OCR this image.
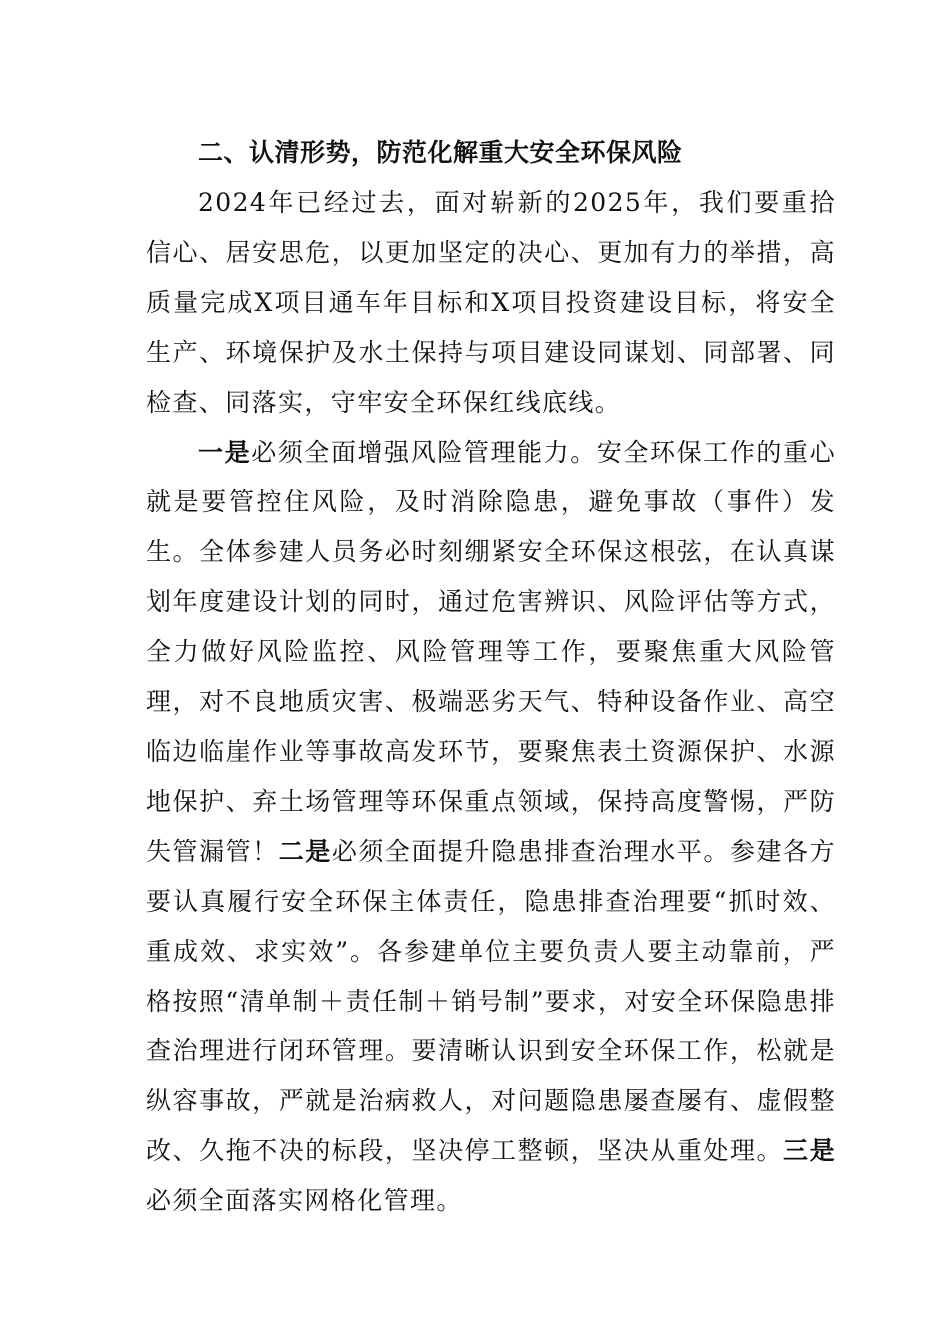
二、认清形势，防范化解重大安全环保风险

2024年已经过去，面对崭新的2025年，我们要重拾信心、居安思危，以更加坚定的决心、更加有力的举措，高质量完成X项目通车年目标和X项目投资建设目标，将安全生产、环境保护及水土保持与项目建设同谋划、同部署、同检查、同落实，守牢安全环保红线底线。

一是必须全面增强风险管理能力。安全环保工作的重心就是要管控住风险，及时消除隐患，避免事故（事件）发生。全体参建人员务必时刻绷紧安全环保这根弦，在认真谋划年度建设计划的同时，通过危害辨识、风险评估等方式，全力做好风险监控、风险管理等工作，要聚焦重大风险管理，对不良地质灾害、极端恶劣天气、特种设备作业、高空临边临崖作业等事故高发环节，要聚焦表土资源保护、水源地保护、弃土场管理等环保重点领域，保持高度警惕，严防失管漏管！二是必须全面提升隐患排查治理水平。参建各方要认真履行安全环保主体责任，隐患排查治理要“抓时效、重成效、求实效”。各参建单位主要负责人要主动靠前，严格按照“清单制＋责任制＋销号制”要求，对安全环保隐患排查治理进行闭环管理。要清晰认识到安全环保工作，松就是纵容事故，严就是治病救人，对问题隐患屡查屡有、虚假整改、久拖不决的标段，坚决停工整顿，坚决从重处理。三是必须全面落实网格化管理。
